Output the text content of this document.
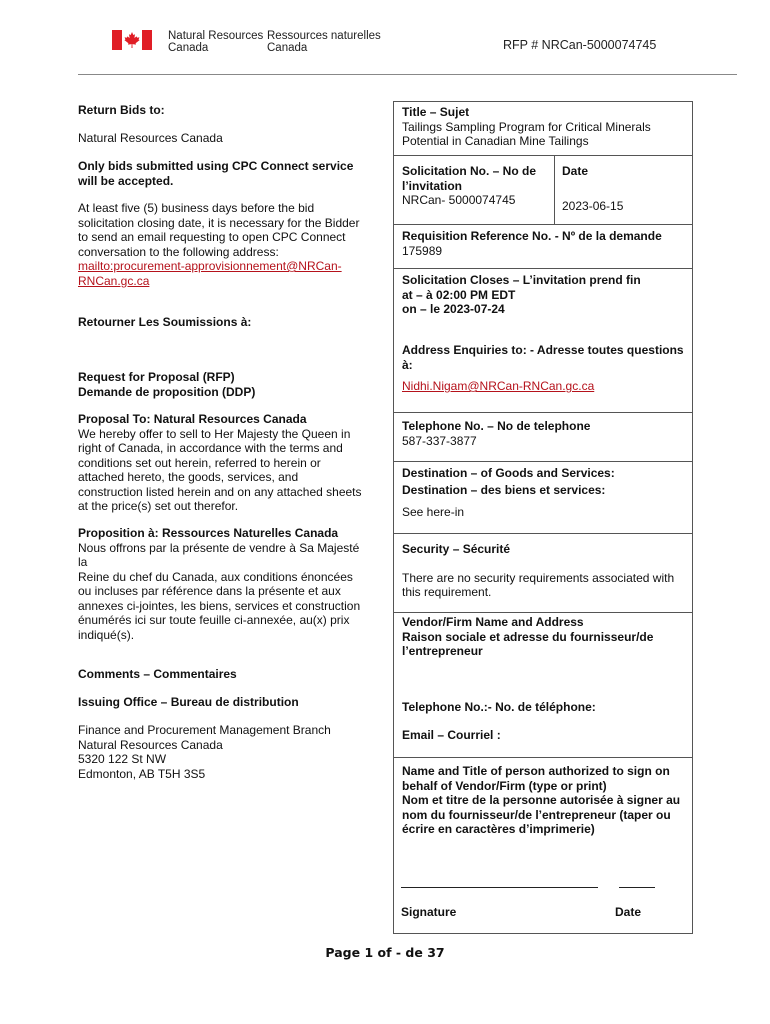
Natural Resources
Canada
Ressources naturelles
Canada	RFP # NRCan-5000074745
Return Bids to:
Natural Resources Canada
Only bids submitted using CPC Connect service
will be accepted.
At least five (5) business days before the bid
solicitation closing date, it is necessary for the Bidder
to send an email requesting to open CPC Connect
conversation to the following address:
mailto:procurement-approvisionnement@NRCan-
RNCan.gc.ca
Retourner Les Soumissions à:
Request for Proposal (RFP)
Demande de proposition (DDP)
Proposal To: Natural Resources Canada
We hereby offer to sell to Her Majesty the Queen in
right of Canada, in accordance with the terms and
conditions set out herein, referred to herein or
attached hereto, the goods, services, and
construction listed herein and on any attached sheets
at the price(s) set out therefor.
Proposition à: Ressources Naturelles Canada
Nous offrons par la présente de vendre à Sa Majesté
la
Reine du chef du Canada, aux conditions énoncées
ou incluses par référence dans la présente et aux
annexes ci-jointes, les biens, services et construction
énumérés ici sur toute feuille ci-annexée, au(x) prix
indiqué(s).
Comments – Commentaires
Issuing Office – Bureau de distribution
Finance and Procurement Management Branch
Natural Resources Canada
5320 122 St NW
Edmonton, AB T5H 3S5
Title – Sujet
Tailings Sampling Program for Critical Minerals
Potential in Canadian Mine Tailings
Solicitation No. – No de
l’invitation
NRCan- 5000074745
Date
2023-06-15
Requisition Reference No. - Nº de la demande
175989
Solicitation Closes – L’invitation prend fin
at – à 02:00 PM EDT
on – le 2023-07-24
Address Enquiries to: - Adresse toutes questions
à:
Nidhi.Nigam@NRCan-RNCan.gc.ca
Telephone No. – No de telephone
587-337-3877
Destination – of Goods and Services:
Destination – des biens et services:
See here-in
Security – Sécurité
There are no security requirements associated with
this requirement.
Vendor/Firm Name and Address
Raison sociale et adresse du fournisseur/de
l’entrepreneur
Telephone No.:- No. de téléphone:
Email – Courriel :
Name and Title of person authorized to sign on
behalf of Vendor/Firm (type or print)
Nom et titre de la personne autorisée à signer au
nom du fournisseur/de l’entrepreneur (taper ou
écrire en caractères d’imprimerie)
Signature	Date
Page 1 of - de 37
